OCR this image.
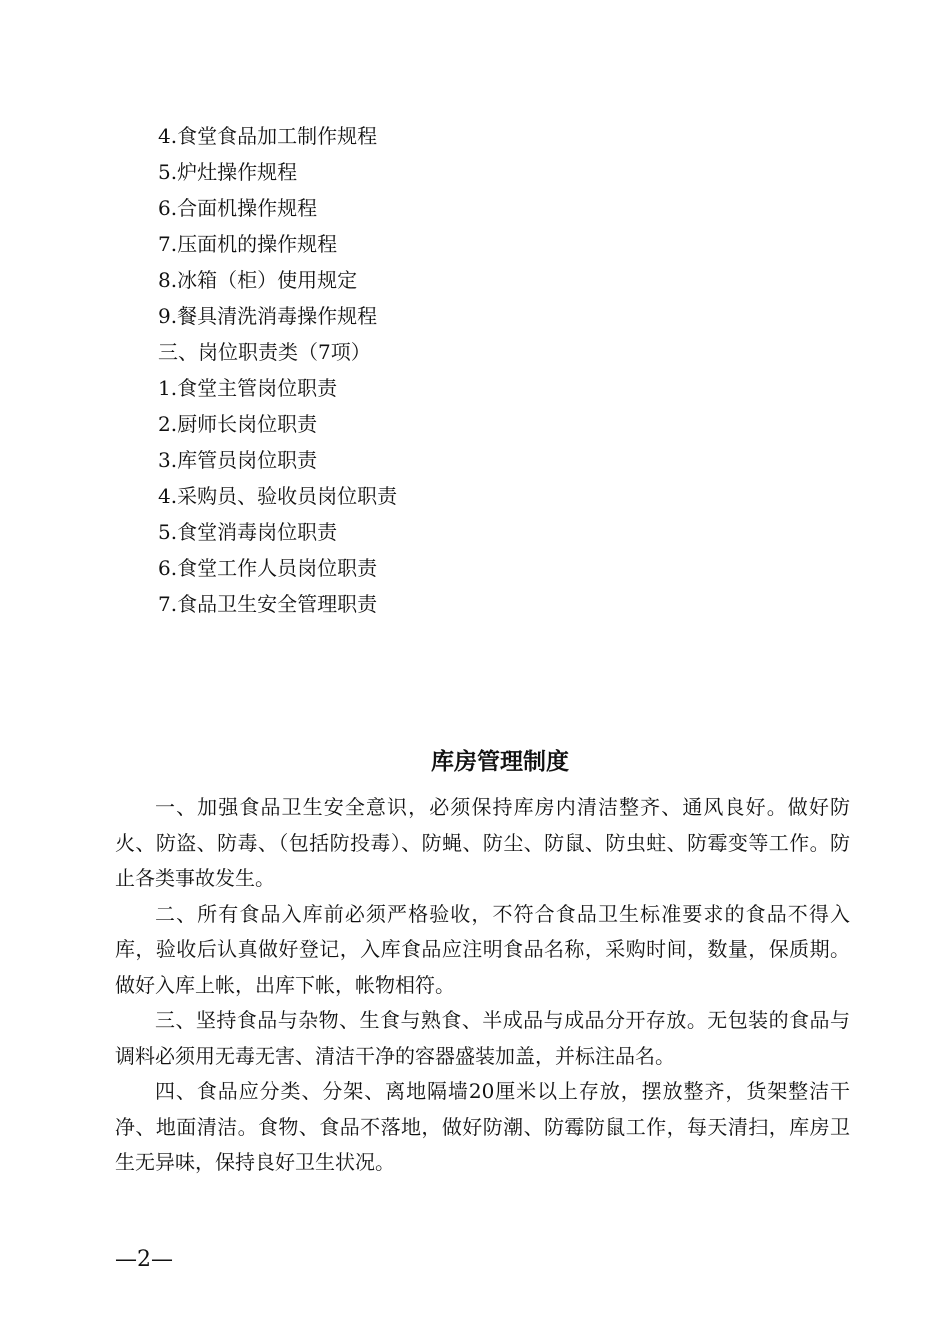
4.食堂食品加工制作规程
5.炉灶操作规程
6.合面机操作规程
7.压面机的操作规程
8.冰箱（柜）使用规定
9.餐具清洗消毒操作规程
三、岗位职责类（7项）
1.食堂主管岗位职责
2.厨师长岗位职责
3.库管员岗位职责
4.采购员、验收员岗位职责
5.食堂消毒岗位职责
6.食堂工作人员岗位职责
7.食品卫生安全管理职责
库房管理制度

一、加强食品卫生安全意识，必须保持库房内清洁整齐、通风良好。做好防火、防盗、防毒、（包括防投毒）、防蝇、防尘、防鼠、防虫蛀、防霉变等工作。防止各类事故发生。

二、所有食品入库前必须严格验收，不符合食品卫生标准要求的食品不得入库，验收后认真做好登记，入库食品应注明食品名称，采购时间，数量，保质期。做好入库上帐，出库下帐，帐物相符。

三、坚持食品与杂物、生食与熟食、半成品与成品分开存放。无包装的食品与调料必须用无毒无害、清洁干净的容器盛装加盖，并标注品名。

四、食品应分类、分架、离地隔墙20厘米以上存放，摆放整齐，货架整洁干净、地面清洁。食物、食品不落地，做好防潮、防霉防鼠工作，每天清扫，库房卫生无异味，保持良好卫生状况。

—2—
